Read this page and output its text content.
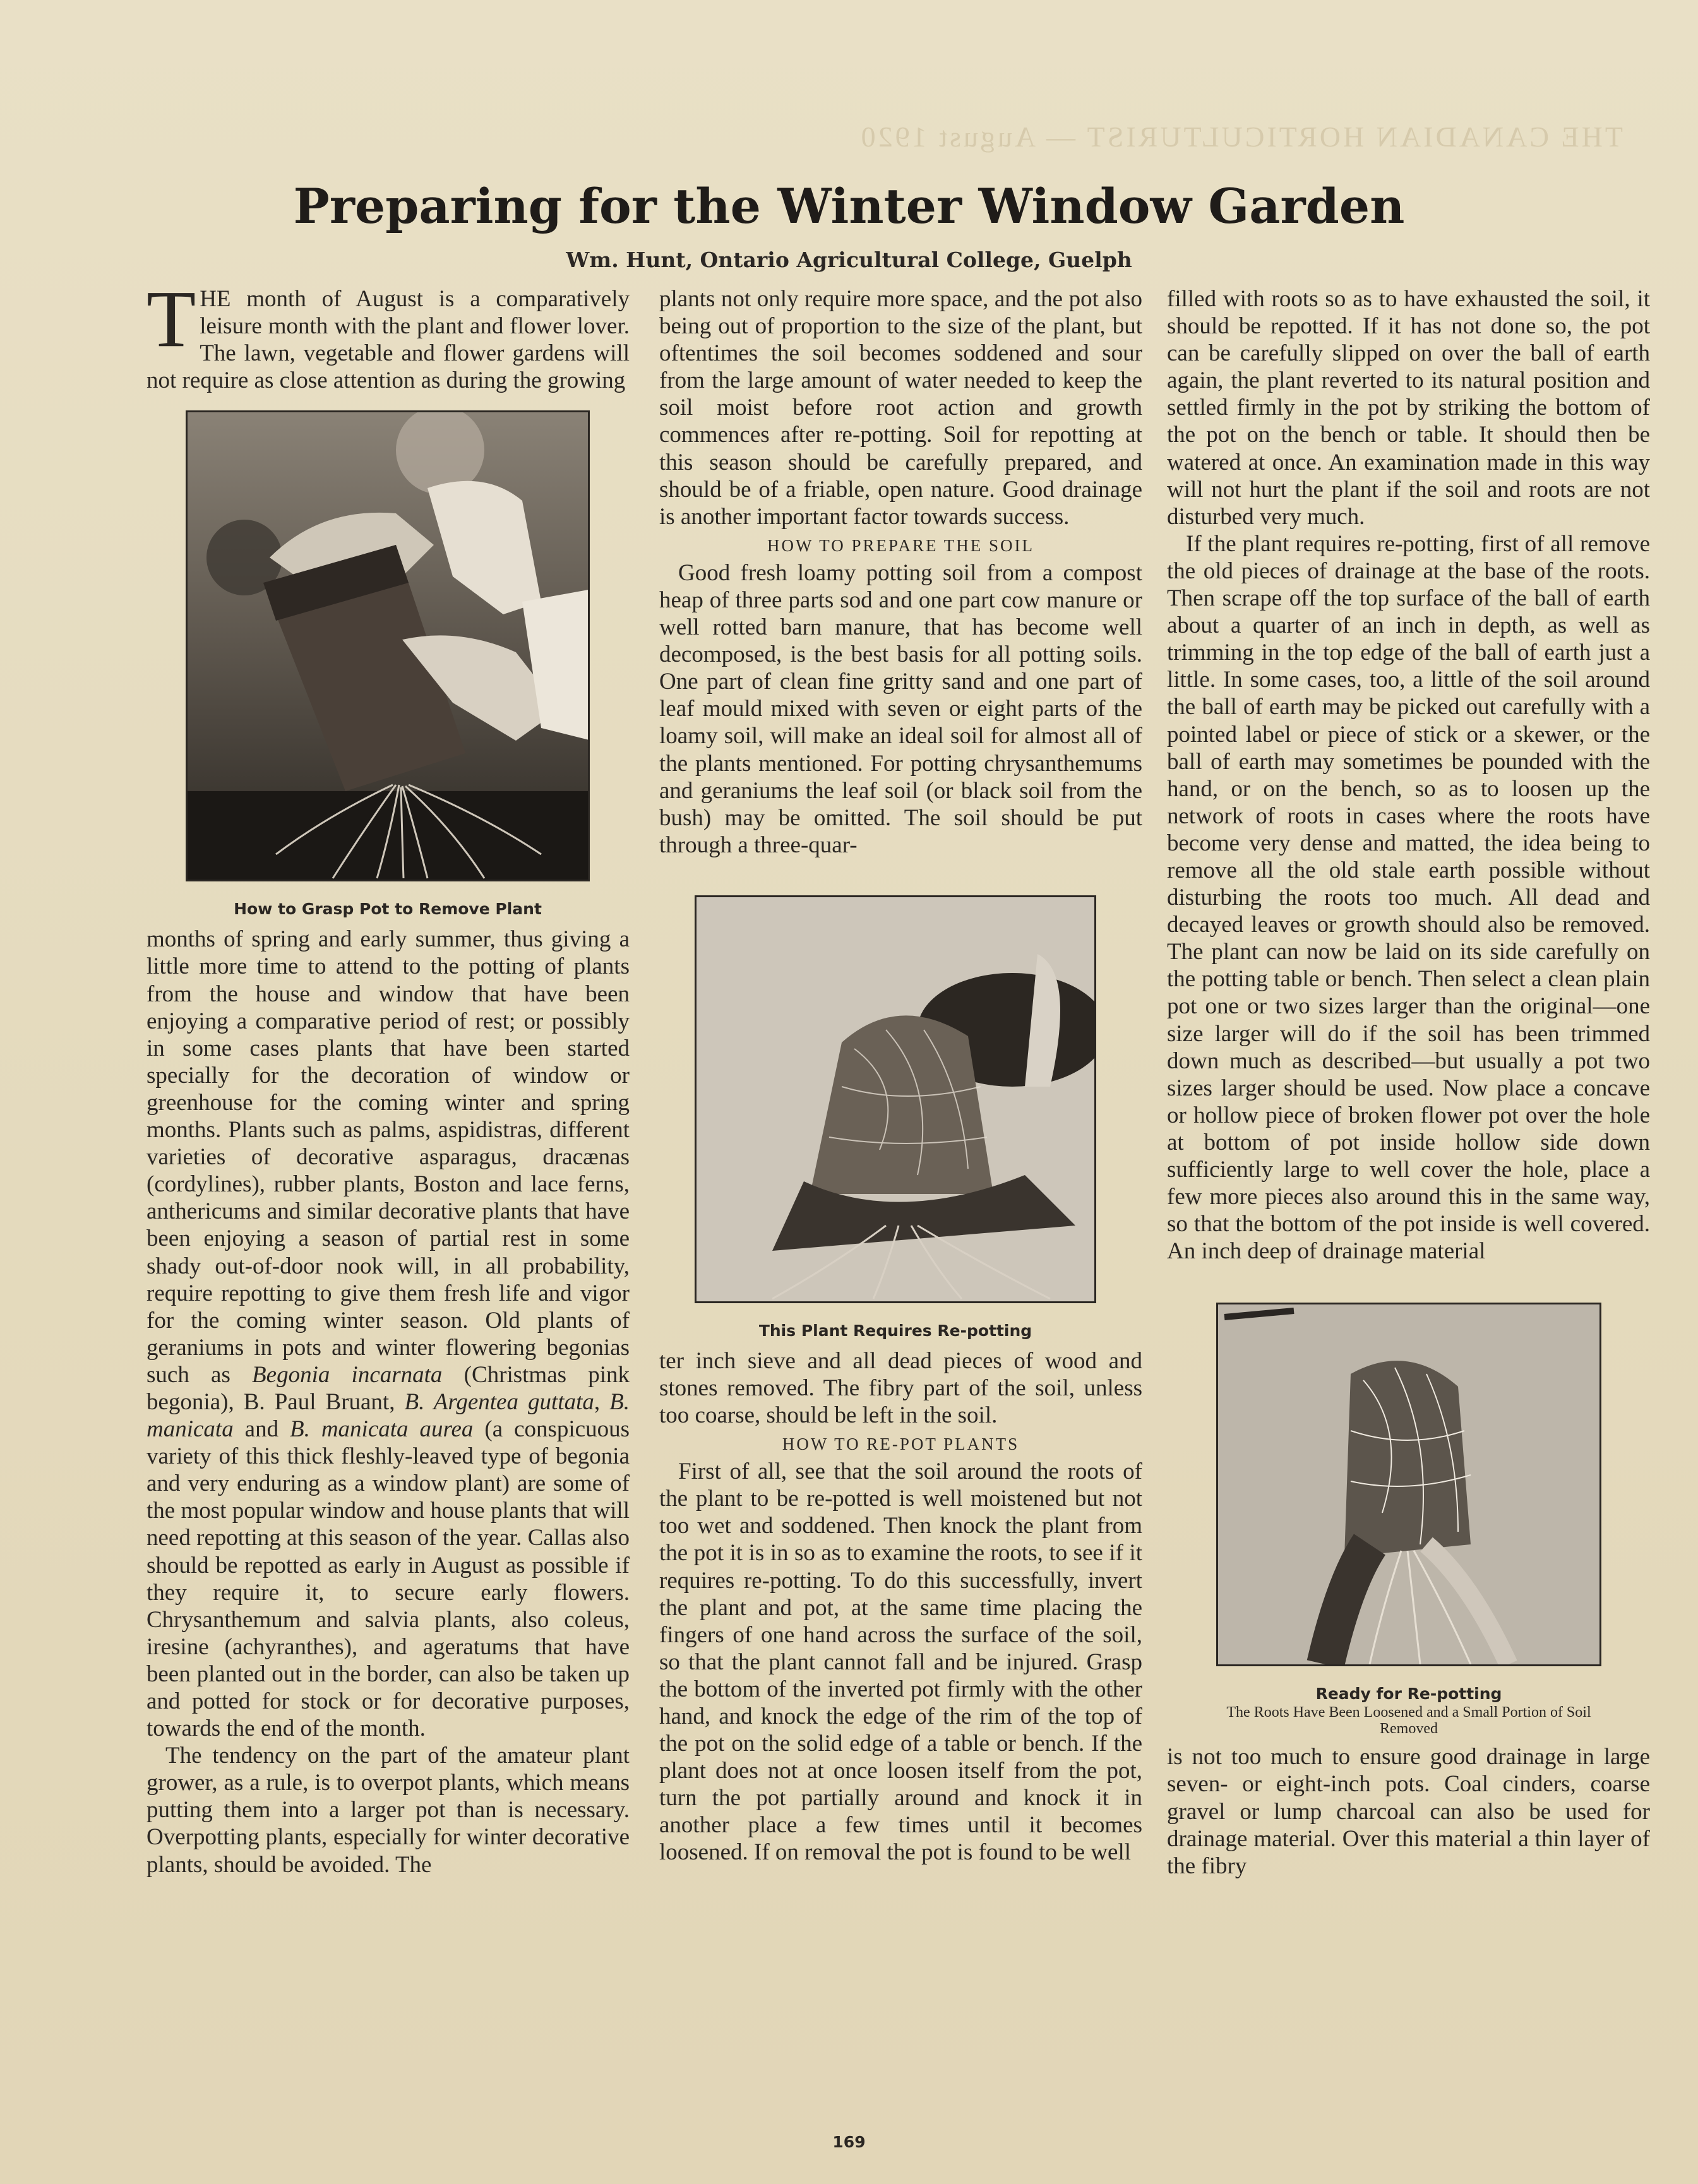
THE CANADIAN HORTICULTURIST — August 1920
Preparing for the Winter Window Garden
Wm. Hunt, Ontario Agricultural College, Guelph

THE month of August is a comparatively leisure month with the plant and flower lover. The lawn, vegetable and flower gardens will not require as close attention as during the growing

How to Grasp Pot to Remove Plant

months of spring and early summer, thus giving a little more time to attend to the potting of plants from the house and window that have been enjoying a comparative period of rest; or possibly in some cases plants that have been started specially for the decoration of window or greenhouse for the coming winter and spring months. Plants such as palms, aspidistras, different varieties of decorative asparagus, dracænas (cordylines), rubber plants, Boston and lace ferns, anthericums and similar decorative plants that have been enjoying a season of partial rest in some shady out-of-door nook will, in all probability, require repotting to give them fresh life and vigor for the coming winter season. Old plants of geraniums in pots and winter flowering begonias such as Begonia incarnata (Christmas pink begonia), B. Paul Bruant, B. Argentea guttata, B. manicata and B. manicata aurea (a conspicuous variety of this thick fleshly-leaved type of begonia and very enduring as a window plant) are some of the most popular window and house plants that will need repotting at this season of the year. Callas also should be repotted as early in August as possible if they require it, to secure early flowers. Chrysanthemum and salvia plants, also coleus, iresine (achyranthes), and ageratums that have been planted out in the border, can also be taken up and potted for stock or for decorative purposes, towards the end of the month.

The tendency on the part of the amateur plant grower, as a rule, is to overpot plants, which means putting them into a larger pot than is necessary. Overpotting plants, especially for winter decorative plants, should be avoided. The

plants not only require more space, and the pot also being out of proportion to the size of the plant, but oftentimes the soil becomes soddened and sour from the large amount of water needed to keep the soil moist before root action and growth commences after re-potting. Soil for repotting at this season should be carefully prepared, and should be of a friable, open nature. Good drainage is another important factor towards success.

HOW TO PREPARE THE SOIL

Good fresh loamy potting soil from a compost heap of three parts sod and one part cow manure or well rotted barn manure, that has become well decomposed, is the best basis for all potting soils. One part of clean fine gritty sand and one part of leaf mould mixed with seven or eight parts of the loamy soil, will make an ideal soil for almost all of the plants mentioned. For potting chrysanthemums and geraniums the leaf soil (or black soil from the bush) may be omitted. The soil should be put through a three-quar-

This Plant Requires Re-potting

ter inch sieve and all dead pieces of wood and stones removed. The fibry part of the soil, unless too coarse, should be left in the soil.

HOW TO RE-POT PLANTS

First of all, see that the soil around the roots of the plant to be re-potted is well moistened but not too wet and soddened. Then knock the plant from the pot it is in so as to examine the roots, to see if it requires re-potting. To do this successfully, invert the plant and pot, at the same time placing the fingers of one hand across the surface of the soil, so that the plant cannot fall and be injured. Grasp the bottom of the inverted pot firmly with the other hand, and knock the edge of the rim of the top of the pot on the solid edge of a table or bench. If the plant does not at once loosen itself from the pot, turn the pot partially around and knock it in another place a few times until it becomes loosened. If on removal the pot is found to be well

filled with roots so as to have exhausted the soil, it should be repotted. If it has not done so, the pot can be carefully slipped on over the ball of earth again, the plant reverted to its natural position and settled firmly in the pot by striking the bottom of the pot on the bench or table. It should then be watered at once. An examination made in this way will not hurt the plant if the soil and roots are not disturbed very much.

If the plant requires re-potting, first of all remove the old pieces of drainage at the base of the roots. Then scrape off the top surface of the ball of earth about a quarter of an inch in depth, as well as trimming in the top edge of the ball of earth just a little. In some cases, too, a little of the soil around the ball of earth may be picked out carefully with a pointed label or piece of stick or a skewer, or the ball of earth may sometimes be pounded with the hand, or on the bench, so as to loosen up the network of roots in cases where the roots have become very dense and matted, the idea being to remove all the old stale earth possible without disturbing the roots too much. All dead and decayed leaves or growth should also be removed. The plant can now be laid on its side carefully on the potting table or bench. Then select a clean plain pot one or two sizes larger than the original—one size larger will do if the soil has been trimmed down much as described—but usually a pot two sizes larger should be used. Now place a concave or hollow piece of broken flower pot over the hole at bottom of pot inside hollow side down sufficiently large to well cover the hole, place a few more pieces also around this in the same way, so that the bottom of the pot inside is well covered. An inch deep of drainage material

Ready for Re-potting
The Roots Have Been Loosened and a Small Portion of Soil Removed

is not too much to ensure good drainage in large seven- or eight-inch pots. Coal cinders, coarse gravel or lump charcoal can also be used for drainage material. Over this material a thin layer of the fibry

169
